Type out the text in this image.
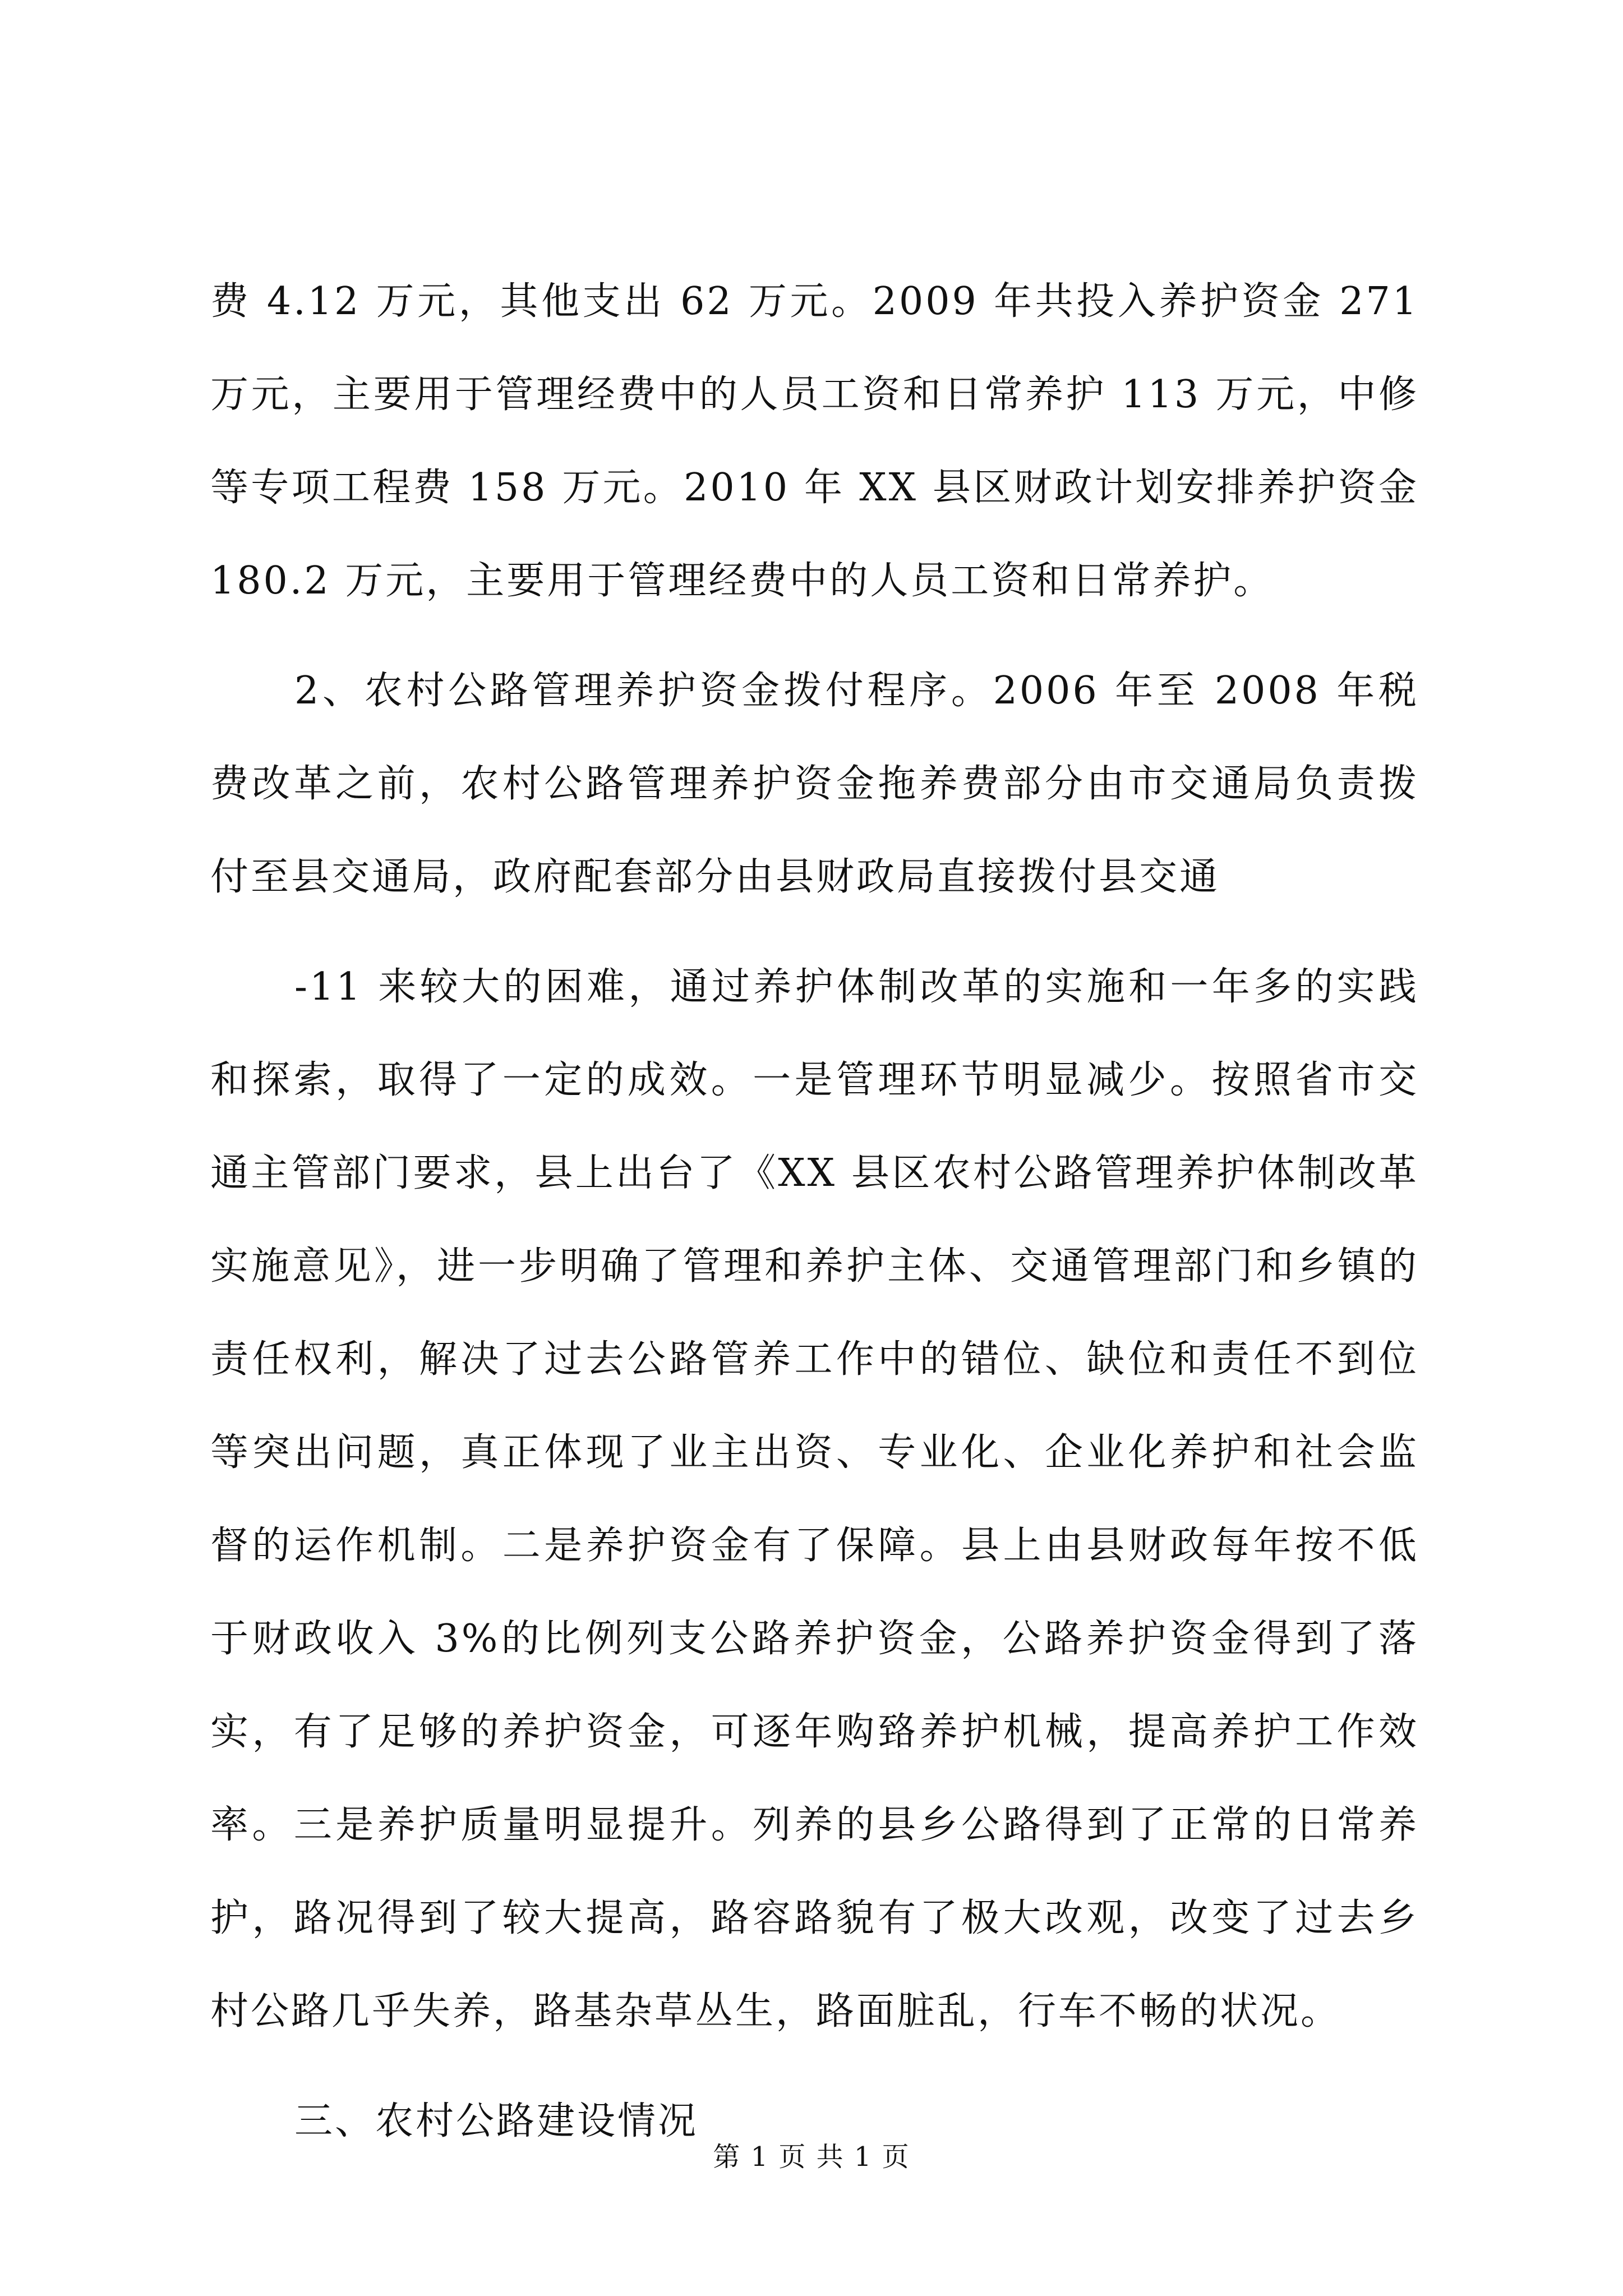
费 4.12 万元，其他支出 62 万元。2009 年共投入养护资金 271 万元，主要用于管理经费中的人员工资和日常养护 113 万元，中修等专项工程费 158 万元。2010 年 XX 县区财政计划安排养护资金 180.2 万元，主要用于管理经费中的人员工资和日常养护。

2、农村公路管理养护资金拨付程序。2006 年至 2008 年税费改革之前，农村公路管理养护资金拖养费部分由市交通局负责拨付至县交通局，政府配套部分由县财政局直接拨付县交通

-11 来较大的困难，通过养护体制改革的实施和一年多的实践和探索，取得了一定的成效。一是管理环节明显减少。按照省市交通主管部门要求，县上出台了《XX 县区农村公路管理养护体制改革实施意见》，进一步明确了管理和养护主体、交通管理部门和乡镇的责任权利，解决了过去公路管养工作中的错位、缺位和责任不到位等突出问题，真正体现了业主出资、专业化、企业化养护和社会监督的运作机制。二是养护资金有了保障。县上由县财政每年按不低于财政收入 3%的比例列支公路养护资金，公路养护资金得到了落实，有了足够的养护资金，可逐年购臵养护机械，提高养护工作效率。三是养护质量明显提升。列养的县乡公路得到了正常的日常养护，路况得到了较大提高，路容路貌有了极大改观，改变了过去乡村公路几乎失养，路基杂草丛生，路面脏乱，行车不畅的状况。

三、农村公路建设情况

第 1 页 共 1 页
